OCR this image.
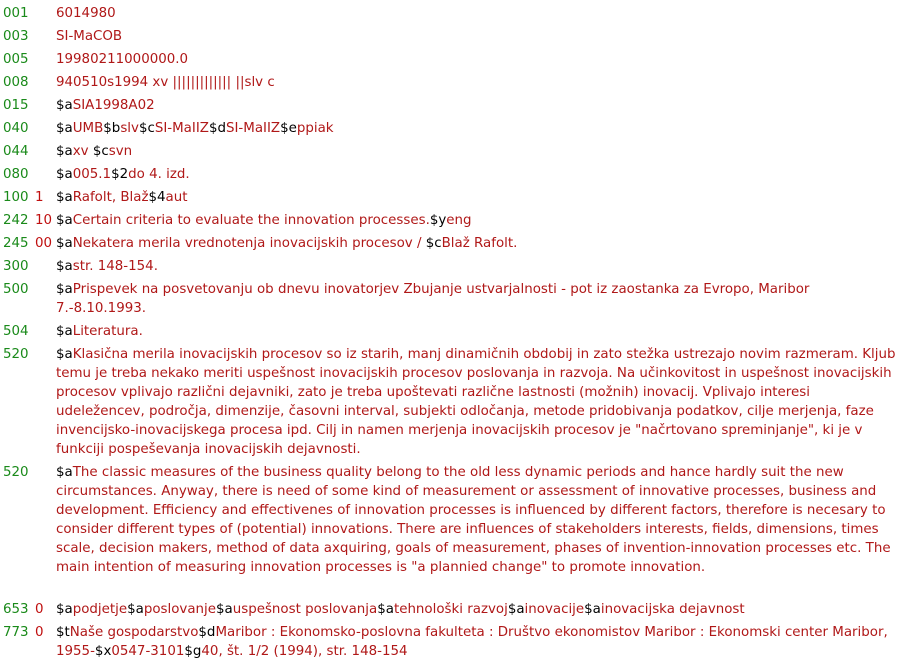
001 6014980
003 SI-MaCOB
005 19980211000000.0
008 940510s1994 xv ||||||||||||| ||slv c
015 $aSIA1998A02
040 $aUMB$bslv$cSI-MaIIZ$dSI-MaIIZ$eppiak
044 $axv $csvn
080 $a005.1$2do 4. izd.
100 1 $aRafolt, Blaž$4aut
242 10 $aCertain criteria to evaluate the innovation processes.$yeng
245 00 $aNekatera merila vrednotenja inovacijskih procesov / $cBlaž Rafolt.
300 $astr. 148-154.
500 $aPrispevek na posvetovanju ob dnevu inovatorjev Zbujanje ustvarjalnosti - pot iz zaostanka za Evropo, Maribor 7.-8.10.1993.
504 $aLiteratura.
520 $aKlasična merila inovacijskih procesov so iz starih, manj dinamičnih obdobij in zato stežka ustrezajo novim razmeram. Kljub temu je treba nekako meriti uspešnost inovacijskih procesov poslovanja in razvoja. Na učinkovitost in uspešnost inovacijskih procesov vplivajo različni dejavniki, zato je treba upoštevati različne lastnosti (možnih) inovacij. Vplivajo interesi udeležencev, področja, dimenzije, časovni interval, subjekti odločanja, metode pridobivanja podatkov, cilje merjenja, faze invencijsko-inovacijskega procesa ipd. Cilj in namen merjenja inovacijskih procesov je "načrtovano spreminjanje", ki je v funkciji pospeševanja inovacijskih dejavnosti.
520 $aThe classic measures of the business quality belong to the old less dynamic periods and hance hardly suit the new circumstances. Anyway, there is need of some kind of measurement or assessment of innovative processes, business and development. Efficiency and effectivenes of innovation processes is influenced by different factors, therefore is necesary to consider different types of (potential) innovations. There are influences of stakeholders interests, fields, dimensions, times scale, decision makers, method of data axquiring, goals of measurement, phases of invention-innovation processes etc. The main intention of measuring innovation processes is "a plannied change" to promote innovation.
653 0 $apodjetje$aposlovanje$auspešnost poslovanja$atehnološki razvoj$ainovacije$ainovacijska dejavnost
773 0 $tNaše gospodarstvo$dMaribor : Ekonomsko-poslovna fakulteta : Društvo ekonomistov Maribor : Ekonomski center Maribor, 1955-$x0547-3101$g40, št. 1/2 (1994), str. 148-154
